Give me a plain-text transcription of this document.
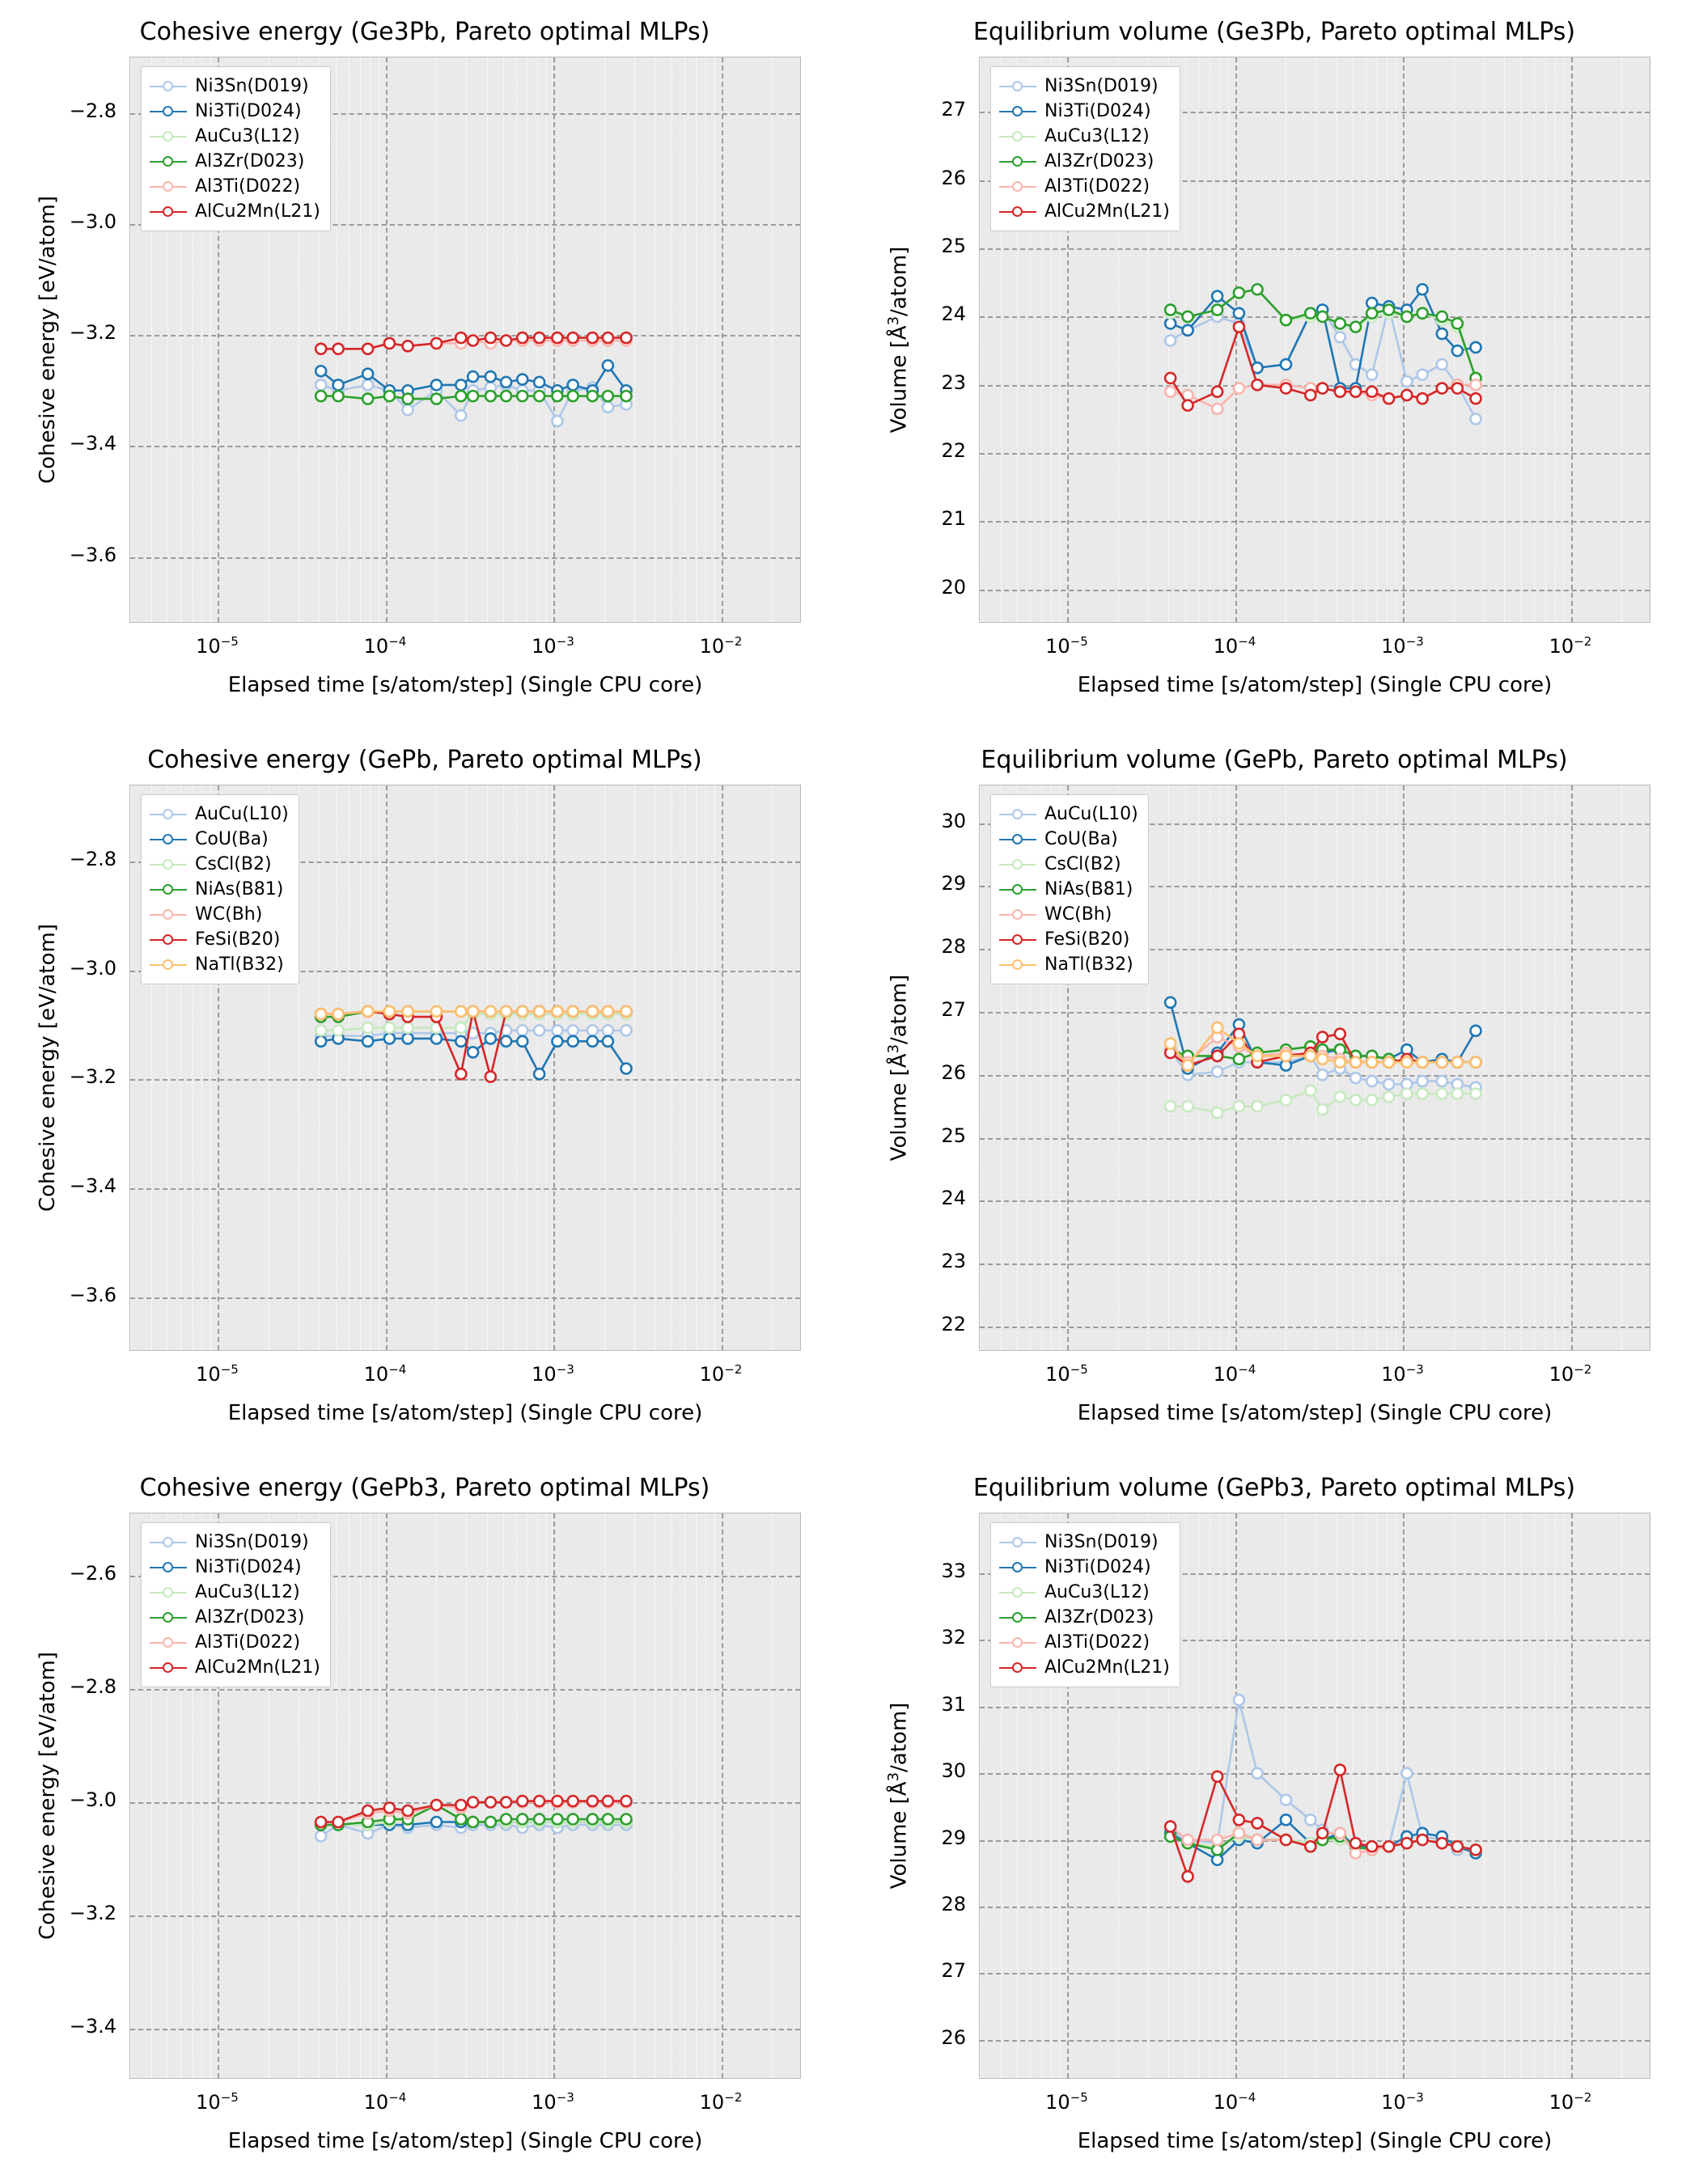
Cohesive energy (Ge3Pb, Pareto optimal MLPs)
−3.6
−3.4
−3.2
−3.0
−2.8
$10^{-5}$	$10^{-4}$	$10^{-3}$	$10^{-2}$
Elapsed time [s/atom/step] (Single CPU core)
Cohesive energy [eV/atom]
Ni3Sn(D019)
Ni3Ti(D024)
AuCu3(L12)
Al3Zr(D023)
Al3Ti(D022)
AlCu2Mn(L21)
Equilibrium volume (Ge3Pb, Pareto optimal MLPs)
20
21
22
23
24
25
26
27
$10^{-5}$	$10^{-4}$	$10^{-3}$	$10^{-2}$
Elapsed time [s/atom/step] (Single CPU core)
Volume $[Å^3/atom]$
Ni3Sn(D019)
Ni3Ti(D024)
AuCu3(L12)
Al3Zr(D023)
Al3Ti(D022)
AlCu2Mn(L21)
Cohesive energy (GePb, Pareto optimal MLPs)
−3.6
−3.4
−3.2
−3.0
−2.8
$10^{-5}$	$10^{-4}$	$10^{-3}$	$10^{-2}$
Elapsed time [s/atom/step] (Single CPU core)
Cohesive energy [eV/atom]
AuCu(L10)
CoU(Ba)
CsCl(B2)
NiAs(B81)
WC(Bh)
FeSi(B20)
NaTl(B32)
Equilibrium volume (GePb, Pareto optimal MLPs)
22
23
24
25
26
27
28
29
30
$10^{-5}$	$10^{-4}$	$10^{-3}$	$10^{-2}$
Elapsed time [s/atom/step] (Single CPU core)
Volume $[Å^3/atom]$
AuCu(L10)
CoU(Ba)
CsCl(B2)
NiAs(B81)
WC(Bh)
FeSi(B20)
NaTl(B32)
Cohesive energy (GePb3, Pareto optimal MLPs)
−3.4
−3.2
−3.0
−2.8
−2.6
$10^{-5}$	$10^{-4}$	$10^{-3}$	$10^{-2}$
Elapsed time [s/atom/step] (Single CPU core)
Cohesive energy [eV/atom]
Ni3Sn(D019)
Ni3Ti(D024)
AuCu3(L12)
Al3Zr(D023)
Al3Ti(D022)
AlCu2Mn(L21)
Equilibrium volume (GePb3, Pareto optimal MLPs)
26
27
28
29
30
31
32
33
$10^{-5}$	$10^{-4}$	$10^{-3}$	$10^{-2}$
Elapsed time [s/atom/step] (Single CPU core)
Volume $[Å^3/atom]$
Ni3Sn(D019)
Ni3Ti(D024)
AuCu3(L12)
Al3Zr(D023)
Al3Ti(D022)
AlCu2Mn(L21)
